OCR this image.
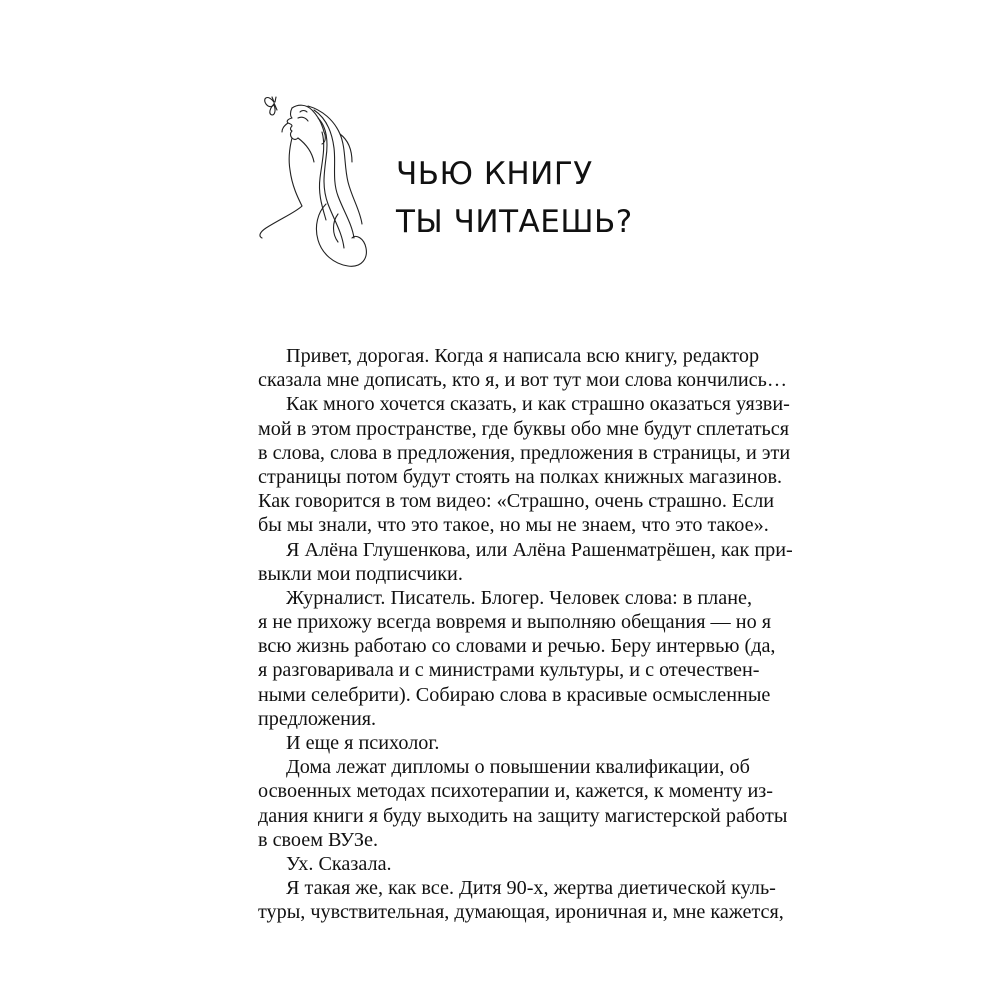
ЧЬЮ КНИГУ
ТЫ ЧИТАЕШЬ?
Привет, дорогая. Когда я написала всю книгу, редактор
сказала мне дописать, кто я, и вот тут мои слова кончились…
Как много хочется сказать, и как страшно оказаться уязви-
мой в этом пространстве, где буквы обо мне будут сплетаться
в слова, слова в предложения, предложения в страницы, и эти
страницы потом будут стоять на полках книжных магазинов.
Как говорится в том видео: «Страшно, очень страшно. Если
бы мы знали, что это такое, но мы не знаем, что это такое».
Я Алёна Глушенкова, или Алёна Рашенматрёшен, как при-
выкли мои подписчики.
Журналист. Писатель. Блогер. Человек слова: в плане,
я не прихожу всегда вовремя и выполняю обещания — но я
всю жизнь работаю со словами и речью. Беру интервью (да,
я разговаривала и с министрами культуры, и с отечествен-
ными селебрити). Собираю слова в красивые осмысленные
предложения.
И еще я психолог.
Дома лежат дипломы о повышении квалификации, об
освоенных методах психотерапии и, кажется, к моменту из-
дания книги я буду выходить на защиту магистерской работы
в своем ВУЗе.
Ух. Сказала.
Я такая же, как все. Дитя 90-х, жертва диетической куль-
туры, чувствительная, думающая, ироничная и, мне кажется,
